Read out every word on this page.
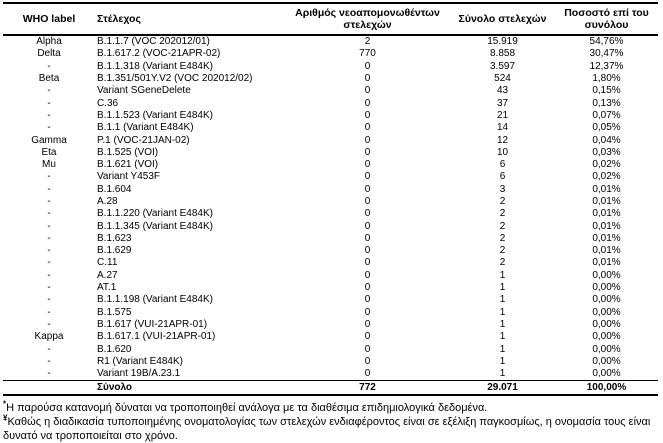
WHO label	Στέλεχος	Αριθμός νεοαπομονωθέντων στελεχών	Σύνολο στελεχών	Ποσοστό επί του συνόλου
Alpha	B.1.1.7 (VOC 202012/01)	2	15.919	54,76%
Delta	B.1.617.2 (VOC-21APR-02)	770	8.858	30,47%
-	B.1.1.318 (Variant E484K)	0	3.597	12,37%
Beta	B.1.351/501Y.V2 (VOC 202012/02)	0	524	1,80%
-	Variant SGeneDelete	0	43	0,15%
-	C.36	0	37	0,13%
-	B.1.1.523 (Variant E484K)	0	21	0,07%
-	B.1.1 (Variant E484K)	0	14	0,05%
Gamma	P.1 (VOC-21JAN-02)	0	12	0,04%
Eta	B.1.525 (VOI)	0	10	0,03%
Mu	B.1.621 (VOI)	0	6	0,02%
-	Variant Y453F	0	6	0,02%
-	B.1.604	0	3	0,01%
-	A.28	0	2	0,01%
-	B.1.1.220 (Variant E484K)	0	2	0,01%
-	B.1.1.345 (Variant E484K)	0	2	0,01%
-	B.1.623	0	2	0,01%
-	B.1.629	0	2	0,01%
-	C.11	0	2	0,01%
-	A.27	0	1	0,00%
-	AT.1	0	1	0,00%
-	B.1.1.198 (Variant E484K)	0	1	0,00%
-	B.1.575	0	1	0,00%
-	B.1.617 (VUI-21APR-01)	0	1	0,00%
Kappa	B.1.617.1 (VUI-21APR-01)	0	1	0,00%
-	B.1.620	0	1	0,00%
-	R1 (Variant E484K)	0	1	0,00%
-	Variant 19B/A.23.1	0	1	0,00%
	Σύνολο	772	29.071	100,00%

*Η παρούσα κατανομή δύναται να τροποποιηθεί ανάλογα με τα διαθέσιμα επιδημιολογικά δεδομένα.

¥Καθώς η διαδικασία τυποποιημένης ονοματολογίας των στελεχών ενδιαφέροντος είναι σε εξέλιξη παγκοσμίως, η ονομασία τους είναι δυνατό να τροποποιείται στο χρόνο.
